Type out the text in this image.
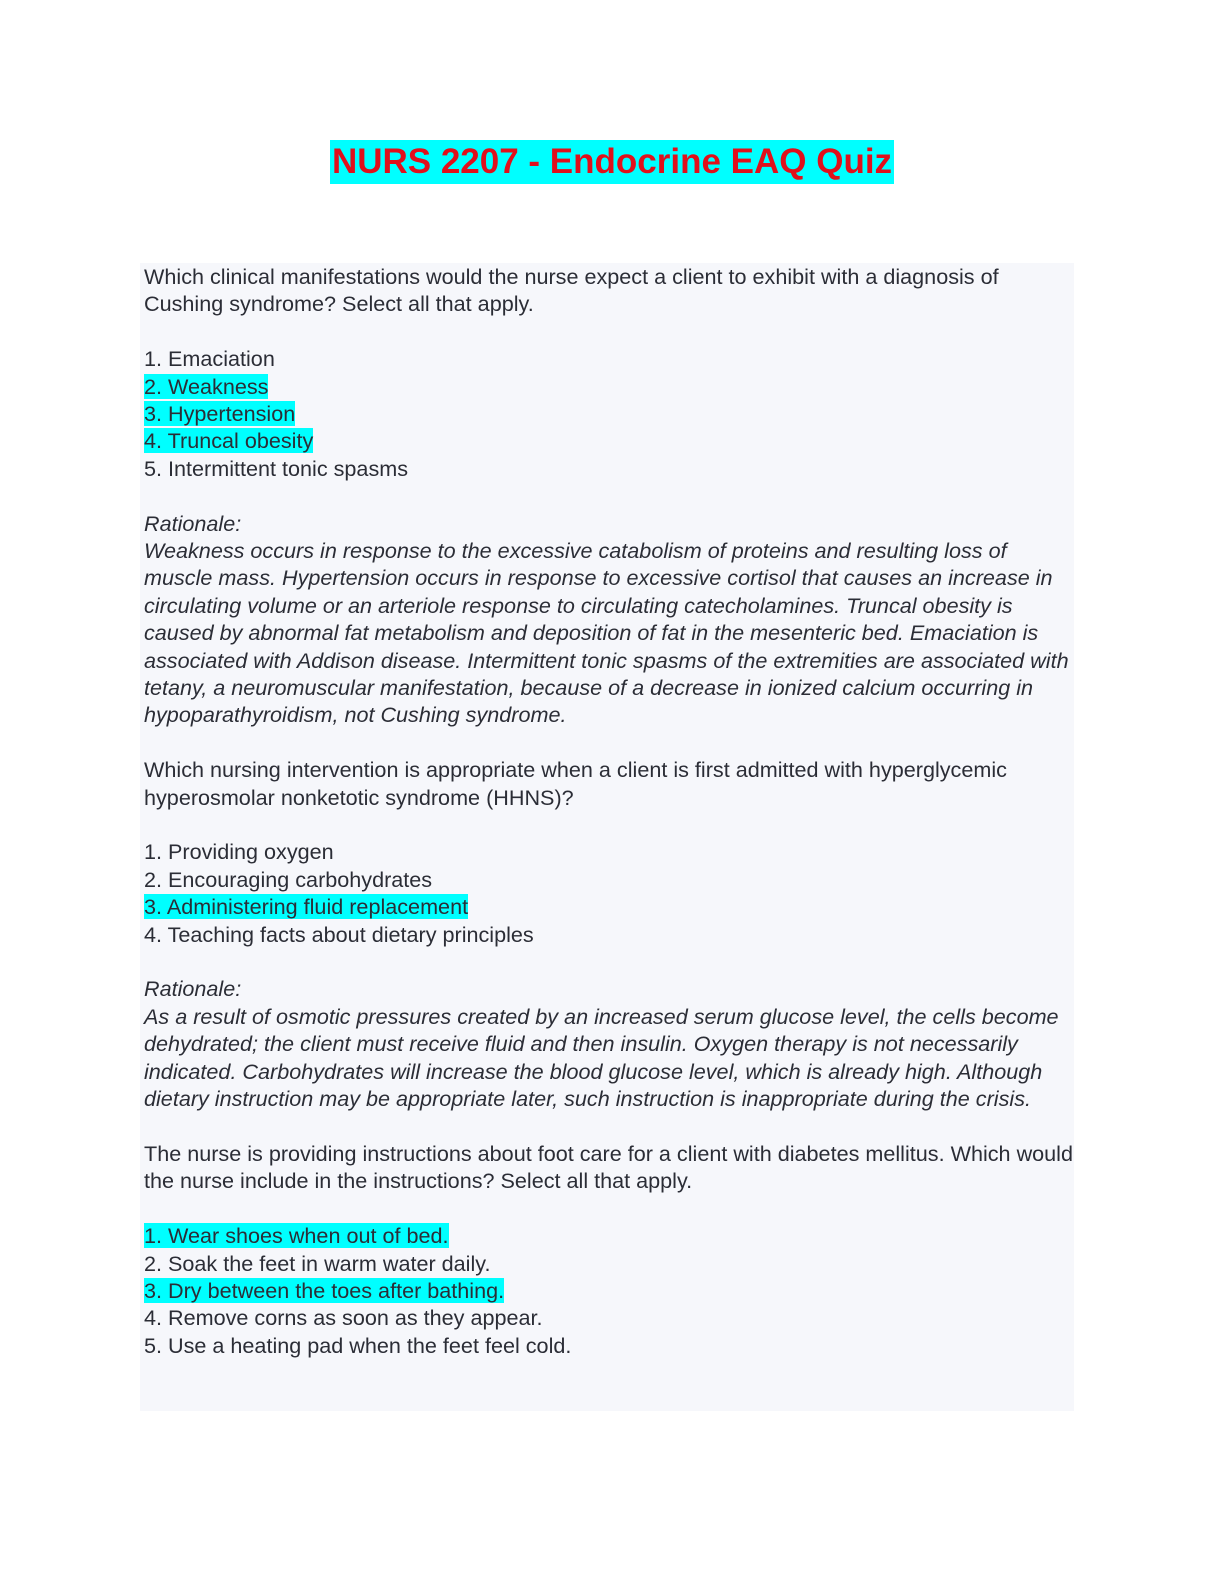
NURS 2207 - Endocrine EAQ Quiz

Which clinical manifestations would the nurse expect a client to exhibit with a diagnosis of Cushing syndrome? Select all that apply.

1. Emaciation
2. Weakness
3. Hypertension
4. Truncal obesity
5. Intermittent tonic spasms

Rationale:

Weakness occurs in response to the excessive catabolism of proteins and resulting loss of muscle mass. Hypertension occurs in response to excessive cortisol that causes an increase in circulating volume or an arteriole response to circulating catecholamines. Truncal obesity is caused by abnormal fat metabolism and deposition of fat in the mesenteric bed. Emaciation is associated with Addison disease. Intermittent tonic spasms of the extremities are associated with tetany, a neuromuscular manifestation, because of a decrease in ionized calcium occurring in hypoparathyroidism, not Cushing syndrome.

Which nursing intervention is appropriate when a client is first admitted with hyperglycemic hyperosmolar nonketotic syndrome (HHNS)?

1. Providing oxygen
2. Encouraging carbohydrates
3. Administering fluid replacement
4. Teaching facts about dietary principles

Rationale:

As a result of osmotic pressures created by an increased serum glucose level, the cells become dehydrated; the client must receive fluid and then insulin. Oxygen therapy is not necessarily indicated. Carbohydrates will increase the blood glucose level, which is already high. Although dietary instruction may be appropriate later, such instruction is inappropriate during the crisis.

The nurse is providing instructions about foot care for a client with diabetes mellitus. Which would the nurse include in the instructions? Select all that apply.

1. Wear shoes when out of bed.
2. Soak the feet in warm water daily.
3. Dry between the toes after bathing.
4. Remove corns as soon as they appear.
5. Use a heating pad when the feet feel cold.
